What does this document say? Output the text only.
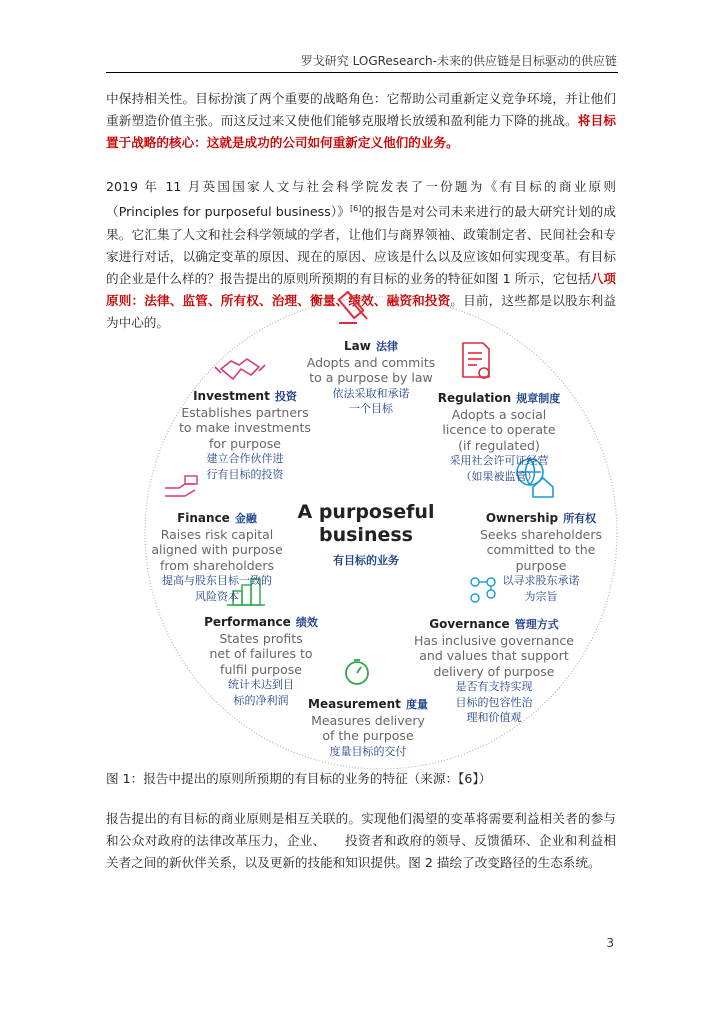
罗戈研究 LOGResearch-未来的供应链是目标驱动的供应链

中保持相关性。目标扮演了两个重要的战略角色：它帮助公司重新定义竞争环境，并让他们重新塑造价值主张。而这反过来又使他们能够克服增长放缓和盈利能力下降的挑战。将目标置于战略的核心：这就是成功的公司如何重新定义他们的业务。

2019 年 11 月英国国家人文与社会科学院发表了一份题为《有目标的商业原则（Principles for purposeful business）》[6]的报告是对公司未来进行的最大研究计划的成果。它汇集了人文和社会科学领域的学者，让他们与商界领袖、政策制定者、民间社会和专家进行对话，以确定变革的原因、现在的原因、应该是什么以及应该如何实现变革。有目标的企业是什么样的？报告提出的原则所预期的有目标的业务的特征如图 1 所示，它包括八项原则：法律、监管、所有权、治理、衡量、绩效、融资和投资。目前，这些都是以股东利益为中心的。

Law 法律
Adopts and commits
to a purpose by law
依法采取和承诺
一个目标
Regulation 规章制度
Adopts a social
licence to operate
(if regulated)
采用社会许可证经营
（如果被监管）
Ownership 所有权
Seeks shareholders
committed to the
purpose
以寻求股东承诺
为宗旨
Governance 管理方式
Has inclusive governance
and values that support
delivery of purpose
是否有支持实现
目标的包容性治
理和价值观
Measurement 度量
Measures delivery
of the purpose
度量目标的交付
Performance 绩效
States profits
net of failures to
fulfil purpose
统计未达到目
标的净利润
Finance 金融
Raises risk capital
aligned with purpose
from shareholders
提高与股东目标一致的
风险资本
Investment 投资
Establishes partners
to make investments
for purpose
建立合作伙伴进
行有目标的投资
A purposeful
business
有目标的业务
图 1：报告中提出的原则所预期的有目标的业务的特征（来源：【6】）

报告提出的有目标的商业原则是相互关联的。实现他们渴望的变革将需要利益相关者的参与和公众对政府的法律改革压力，企业、　　投资者和政府的领导、反馈循环、企业和利益相关者之间的新伙伴关系，以及更新的技能和知识提供。图 2 描绘了改变路径的生态系统。

3
